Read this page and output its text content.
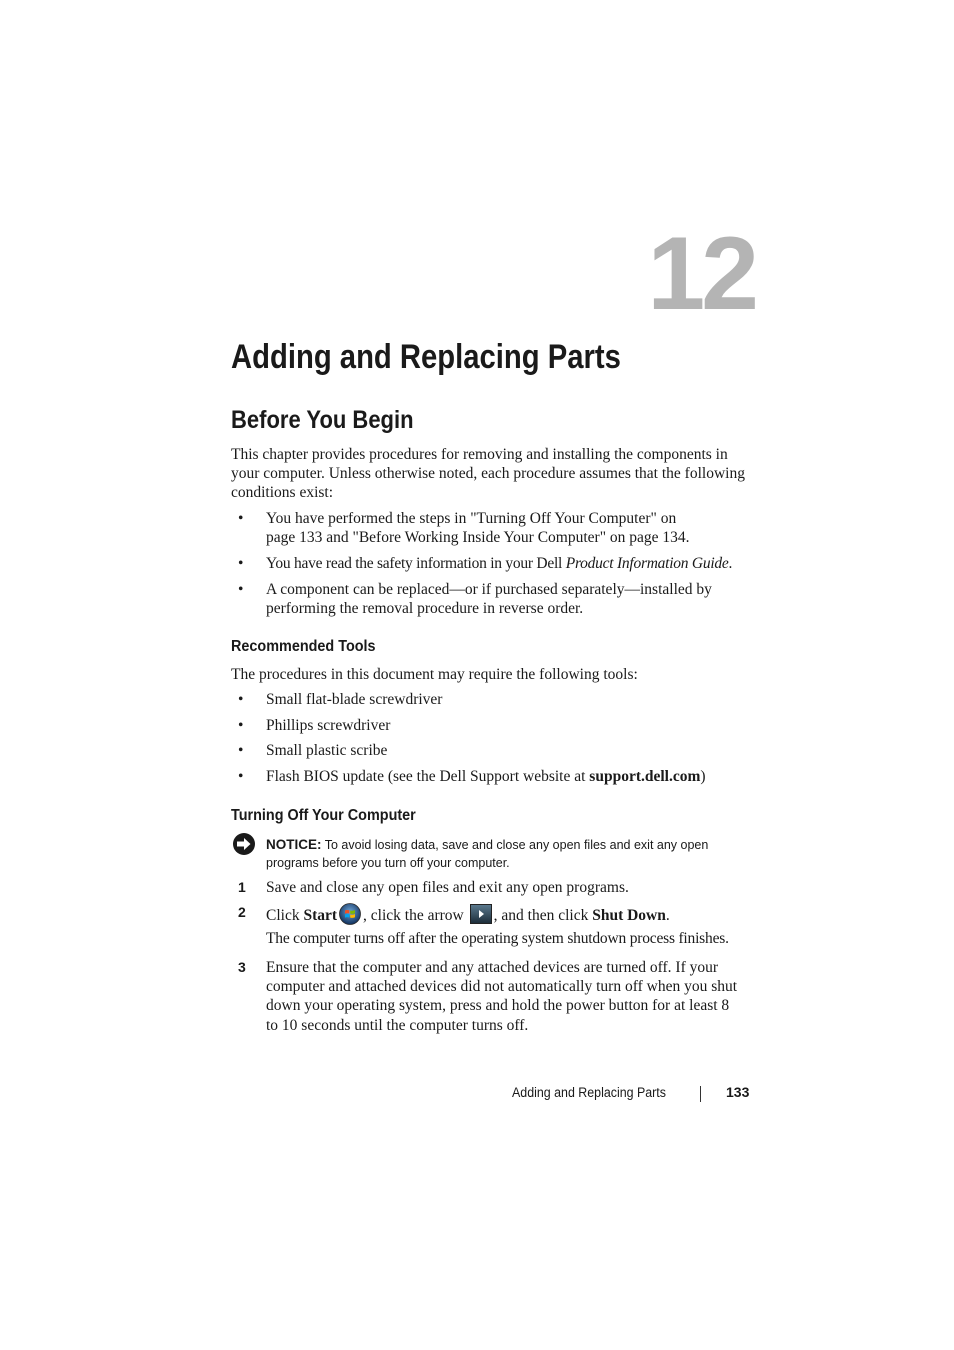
12
Adding and Replacing Parts
Before You Begin
This chapter provides procedures for removing and installing the components in your computer. Unless otherwise noted, each procedure assumes that the following conditions exist:
•	You have performed the steps in "Turning Off Your Computer" on page 133 and "Before Working Inside Your Computer" on page 134.
•	You have read the safety information in your Dell Product Information Guide.
•	A component can be replaced—or if purchased separately—installed by performing the removal procedure in reverse order.
Recommended Tools
The procedures in this document may require the following tools:
•	Small flat-blade screwdriver
•	Phillips screwdriver
•	Small plastic scribe
•	Flash BIOS update (see the Dell Support website at support.dell.com)
Turning Off Your Computer
NOTICE: To avoid losing data, save and close any open files and exit any open programs before you turn off your computer.
1	Save and close any open files and exit any open programs.
2	Click Start , click the arrow , and then click Shut Down.
The computer turns off after the operating system shutdown process finishes.
3	Ensure that the computer and any attached devices are turned off. If your computer and attached devices did not automatically turn off when you shut down your operating system, press and hold the power button for at least 8 to 10 seconds until the computer turns off.
Adding and Replacing Parts	133
